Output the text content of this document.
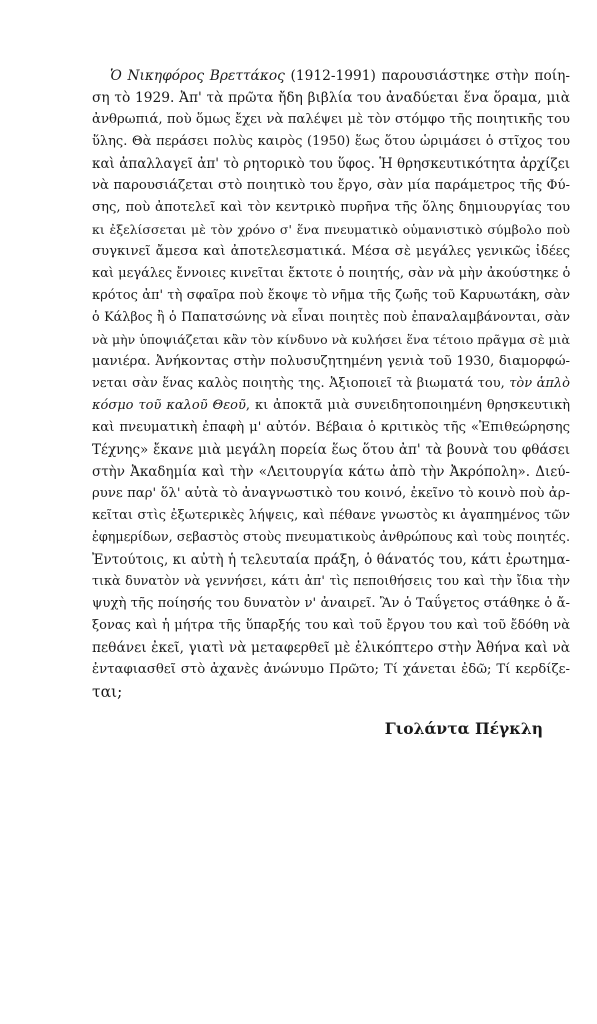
Ὁ Νικηφόρος Βρεττάκος (1912-1991) παρουσιάστηκε στὴν ποίη-
ση τὸ 1929. Ἀπ' τὰ πρῶτα ἤδη βιβλία του ἀναδύεται ἕνα ὅραμα, μιὰ
ἀνθρωπιά, ποὺ ὅμως ἔχει νὰ παλέψει μὲ τὸν στόμφο τῆς ποιητικῆς του
ὕλης. Θὰ περάσει πολὺς καιρὸς (1950) ἕως ὅτου ὡριμάσει ὁ στῖχος του
καὶ ἀπαλλαγεῖ ἀπ' τὸ ρητορικὸ του ὕφος. Ἡ θρησκευτικότητα ἀρχίζει
νὰ παρουσιάζεται στὸ ποιητικὸ του ἔργο, σὰν μία παράμετρος τῆς Φύ-
σης, ποὺ ἀποτελεῖ καὶ τὸν κεντρικὸ πυρῆνα τῆς ὅλης δημιουργίας του
κι ἐξελίσσεται μὲ τὸν χρόνο σ' ἕνα πνευματικὸ οὑμανιστικὸ σύμβολο ποὺ
συγκινεῖ ἄμεσα καὶ ἀποτελεσματικά. Μέσα σὲ μεγάλες γενικῶς ἰδέες
καὶ μεγάλες ἔννοιες κινεῖται ἔκτοτε ὁ ποιητής, σὰν νὰ μὴν ἀκούστηκε ὁ
κρότος ἀπ' τὴ σφαῖρα ποὺ ἔκοψε τὸ νῆμα τῆς ζωῆς τοῦ Καρυωτάκη, σὰν
ὁ Κάλβος ἢ ὁ Παπατσώνης νὰ εἶναι ποιητὲς ποὺ ἐπαναλαμβάνονται, σὰν
νὰ μὴν ὑποψιάζεται κἂν τὸν κίνδυνο νὰ κυλήσει ἕνα τέτοιο πρᾶγμα σὲ μιὰ
μανιέρα. Ἀνήκοντας στὴν πολυσυζητημένη γενιὰ τοῦ 1930, διαμορφώ-
νεται σὰν ἕνας καλὸς ποιητὴς της. Ἀξιοποιεῖ τὰ βιωματά του, τὸν ἁπλὸ
κόσμο τοῦ καλοῦ Θεοῦ, κι ἀποκτᾶ μιὰ συνειδητοποιημένη θρησκευτικὴ
καὶ πνευματικὴ ἐπαφὴ μ' αὐτόν. Βέβαια ὁ κριτικὸς τῆς «Ἐπιθεώρησης
Τέχνης» ἔκανε μιὰ μεγάλη πορεία ἕως ὅτου ἀπ' τὰ βουνὰ του φθάσει
στὴν Ἀκαδημία καὶ τὴν «Λειτουργία κάτω ἀπὸ τὴν Ἀκρόπολη». Διεύ-
ρυνε παρ' ὅλ' αὐτὰ τὸ ἀναγνωστικὸ του κοινό, ἐκεῖνο τὸ κοινὸ ποὺ ἀρ-
κεῖται στὶς ἐξωτερικὲς λήψεις, καὶ πέθανε γνωστὸς κι ἀγαπημένος τῶν
ἐφημερίδων, σεβαστὸς στοὺς πνευματικοὺς ἀνθρώπους καὶ τοὺς ποιητές.
Ἐντούτοις, κι αὐτὴ ἡ τελευταία πράξη, ὁ θάνατός του, κάτι ἐρωτημα-
τικὰ δυνατὸν νὰ γεννήσει, κάτι ἀπ' τὶς πεποιθήσεις του καὶ τὴν ἴδια τὴν
ψυχὴ τῆς ποίησής του δυνατὸν ν' ἀναιρεῖ. Ἂν ὁ Ταΰγετος στάθηκε ὁ ἄ-
ξονας καὶ ἡ μήτρα τῆς ὕπαρξής του καὶ τοῦ ἔργου του καὶ τοῦ ἔδόθη νὰ
πεθάνει ἐκεῖ, γιατὶ νὰ μεταφερθεῖ μὲ ἑλικόπτερο στὴν Ἀθήνα καὶ νὰ
ἐνταφιασθεῖ στὸ ἀχανὲς ἀνώνυμο Πρῶτο; Τί χάνεται ἐδῶ; Τί κερδίζε-
ται;
Γιολάντα Πέγκλη
